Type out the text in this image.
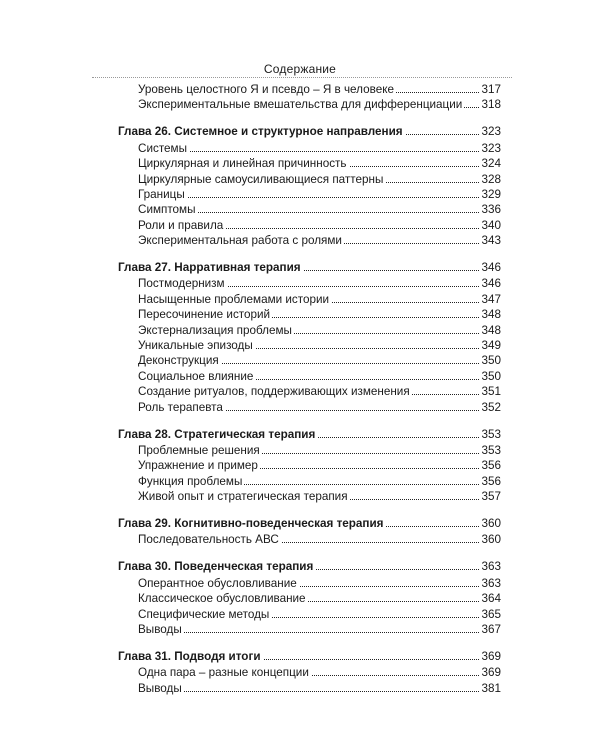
Содержание
Уровень целостного Я и псевдо – Я в человеке	317
Экспериментальные вмешательства для дифференциации 318
Глава 26. Системное и структурное направления	323
Системы	323
Циркулярная и линейная причинность	324
Циркулярные самоусиливающиеся паттерны	328
Границы	329
Симптомы	336
Роли и правила	340
Экспериментальная работа с ролями	343
Глава 27. Нарративная терапия	346
Постмодернизм	346
Насыщенные проблемами истории	347
Пересочинение историй	348
Экстернализация проблемы	348
Уникальные эпизоды	349
Деконструкция	350
Социальное влияние	350
Создание ритуалов, поддерживающих изменения	351
Роль терапевта	352
Глава 28. Стратегическая терапия	353
Проблемные решения	353
Упражнение и пример	356
Функция проблемы	356
Живой опыт и стратегическая терапия	357
Глава 29. Когнитивно-поведенческая терапия	360
Последовательность АВС	360
Глава 30. Поведенческая терапия	363
Оперантное обусловливание	363
Классическое обусловливание	364
Специфические методы	365
Выводы	367
Глава 31. Подводя итоги	369
Одна пара – разные концепции	369
Выводы	381
